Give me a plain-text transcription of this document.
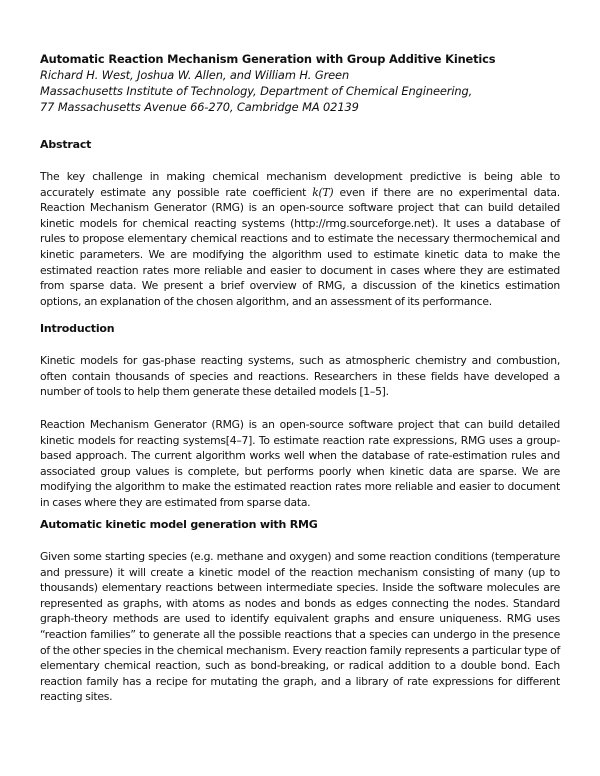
Automatic Reaction Mechanism Generation with Group Additive Kinetics

Richard H. West, Joshua W. Allen, and William H. Green

Massachusetts Institute of Technology, Department of Chemical Engineering,

77 Massachusetts Avenue 66-270, Cambridge MA 02139

Abstract

The key challenge in making chemical mechanism development predictive is being able to accurately estimate any possible rate coefficient k(T) even if there are no experimental data. Reaction Mechanism Generator (RMG) is an open-source software project that can build detailed kinetic models for chemical reacting systems (http://rmg.sourceforge.net). It uses a database of rules to propose elementary chemical reactions and to estimate the necessary thermochemical and kinetic parameters. We are modifying the algorithm used to estimate kinetic data to make the estimated reaction rates more reliable and easier to document in cases where they are estimated from sparse data. We present a brief overview of RMG, a discussion of the kinetics estimation options, an explanation of the chosen algorithm, and an assessment of its performance.

Introduction

Kinetic models for gas-phase reacting systems, such as atmospheric chemistry and combustion, often contain thousands of species and reactions. Researchers in these fields have developed a number of tools to help them generate these detailed models [1–5].

Reaction Mechanism Generator (RMG) is an open-source software project that can build detailed kinetic models for reacting systems[4–7]. To estimate reaction rate expressions, RMG uses a group-based approach. The current algorithm works well when the database of rate-estimation rules and associated group values is complete, but performs poorly when kinetic data are sparse. We are modifying the algorithm to make the estimated reaction rates more reliable and easier to document in cases where they are estimated from sparse data.

Automatic kinetic model generation with RMG

Given some starting species (e.g. methane and oxygen) and some reaction conditions (temperature and pressure) it will create a kinetic model of the reaction mechanism consisting of many (up to thousands) elementary reactions between intermediate species. Inside the software molecules are represented as graphs, with atoms as nodes and bonds as edges connecting the nodes. Standard graph-theory methods are used to identify equivalent graphs and ensure uniqueness. RMG uses “reaction families” to generate all the possible reactions that a species can undergo in the presence of the other species in the chemical mechanism. Every reaction family represents a particular type of elementary chemical reaction, such as bond-breaking, or radical addition to a double bond. Each reaction family has a recipe for mutating the graph, and a library of rate expressions for different reacting sites.
